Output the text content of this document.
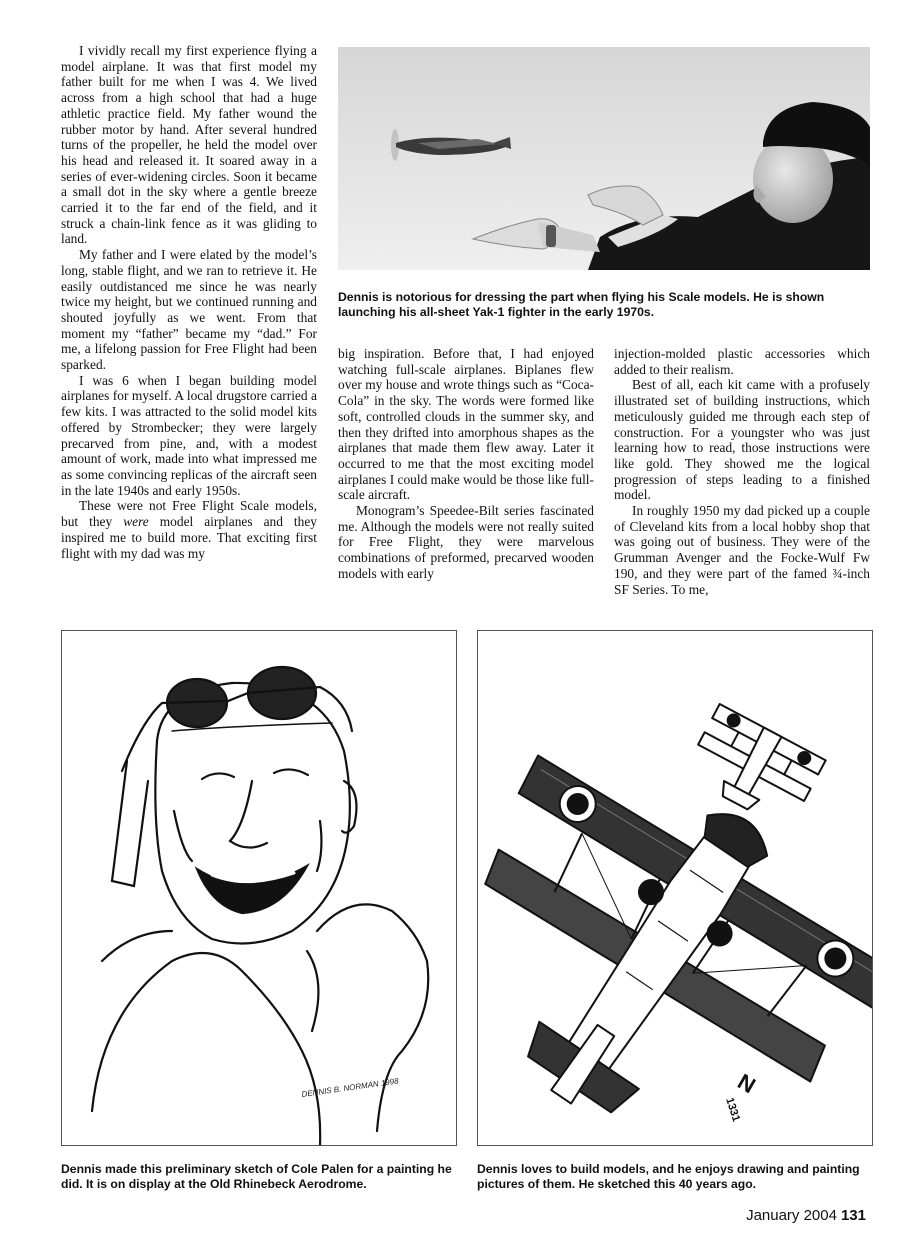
I vividly recall my first experience flying a model airplane. It was that first model my father built for me when I was 4. We lived across from a high school that had a huge athletic practice field. My father wound the rubber motor by hand. After several hundred turns of the propeller, he held the model over his head and released it. It soared away in a series of ever-widening circles. Soon it became a small dot in the sky where a gentle breeze carried it to the far end of the field, and it struck a chain-link fence as it was gliding to land.

My father and I were elated by the model’s long, stable flight, and we ran to retrieve it. He easily outdistanced me since he was nearly twice my height, but we continued running and shouted joyfully as we went. From that moment my “father” became my “dad.” For me, a lifelong passion for Free Flight had been sparked.

I was 6 when I began building model airplanes for myself. A local drugstore carried a few kits. I was attracted to the solid model kits offered by Strombecker; they were largely precarved from pine, and, with a modest amount of work, made into what impressed me as some convincing replicas of the aircraft seen in the late 1940s and early 1950s.

These were not Free Flight Scale models, but they were model airplanes and they inspired me to build more. That exciting first flight with my dad was my

Dennis is notorious for dressing the part when flying his Scale models. He is shown launching his all-sheet Yak-1 fighter in the early 1970s.

big inspiration. Before that, I had enjoyed watching full-scale airplanes. Biplanes flew over my house and wrote things such as “Coca-Cola” in the sky. The words were formed like soft, controlled clouds in the summer sky, and then they drifted into amorphous shapes as the airplanes that made them flew away. Later it occurred to me that the most exciting model airplanes I could make would be those like full-scale aircraft.

Monogram’s Speedee-Bilt series fascinated me. Although the models were not really suited for Free Flight, they were marvelous combinations of preformed, precarved wooden models with early

injection-molded plastic accessories which added to their realism.

Best of all, each kit came with a profusely illustrated set of building instructions, which meticulously guided me through each step of construction. For a youngster who was just learning how to read, those instructions were like gold. They showed me the logical progression of steps leading to a finished model.

In roughly 1950 my dad picked up a couple of Cleveland kits from a local hobby shop that was going out of business. They were of the Grumman Avenger and the Focke-Wulf Fw 190, and they were part of the famed ¾-inch SF Series. To me,

DENNIS B. NORMAN 1998	N
1331
Dennis made this preliminary sketch of Cole Palen for a painting he did. It is on display at the Old Rhinebeck Aerodrome.
Dennis loves to build models, and he enjoys drawing and painting pictures of them. He sketched this 40 years ago.
January 2004 131
